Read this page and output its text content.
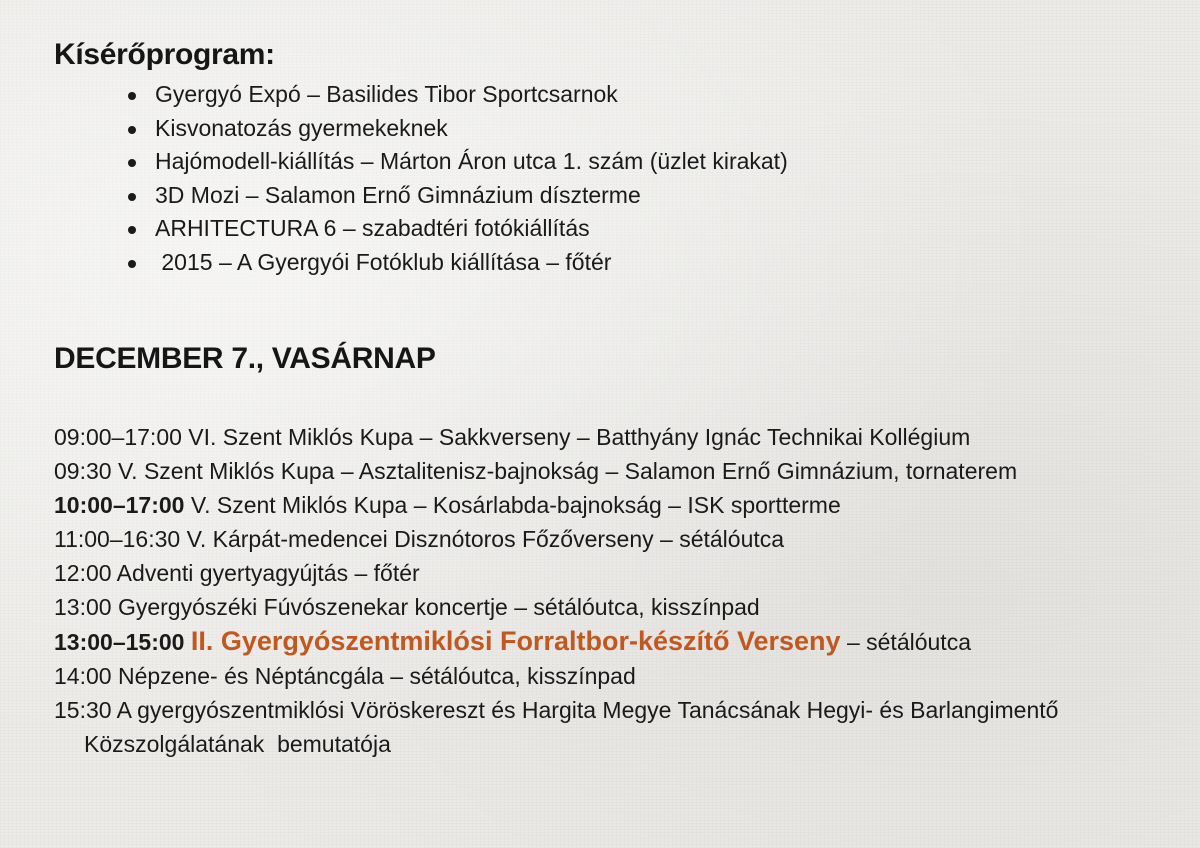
Kísérőprogram:
Gyergyó Expó – Basilides Tibor Sportcsarnok
Kisvonatozás gyermekeknek
Hajómodell-kiállítás – Márton Áron utca 1. szám (üzlet kirakat)
3D Mozi – Salamon Ernő Gimnázium díszterme
ARHITECTURA 6 – szabadtéri fotókiállítás
2015 – A Gyergyói Fotóklub kiállítása – főtér
DECEMBER 7., VASÁRNAP
09:00–17:00 VI. Szent Miklós Kupa – Sakkverseny – Batthyány Ignác Technikai Kollégium
09:30 V. Szent Miklós Kupa – Asztalitenisz-bajnokság – Salamon Ernő Gimnázium, tornaterem
10:00–17:00 V. Szent Miklós Kupa – Kosárlabda-bajnokság – ISK sportterme
11:00–16:30 V. Kárpát-medencei Disznótoros Főzőverseny – sétálóutca
12:00 Adventi gyertyagyújtás – főtér
13:00 Gyergyószéki Fúvószenekar koncertje – sétálóutca, kisszínpad
13:00–15:00 II. Gyergyószentmiklósi Forraltbor-készítő Verseny – sétálóutca
14:00 Népzene- és Néptáncgála – sétálóutca, kisszínpad
15:30 A gyergyószentmiklósi Vöröskereszt és Hargita Megye Tanácsának Hegyi- és Barlangimentő Közszolgálatának  bemutatója
